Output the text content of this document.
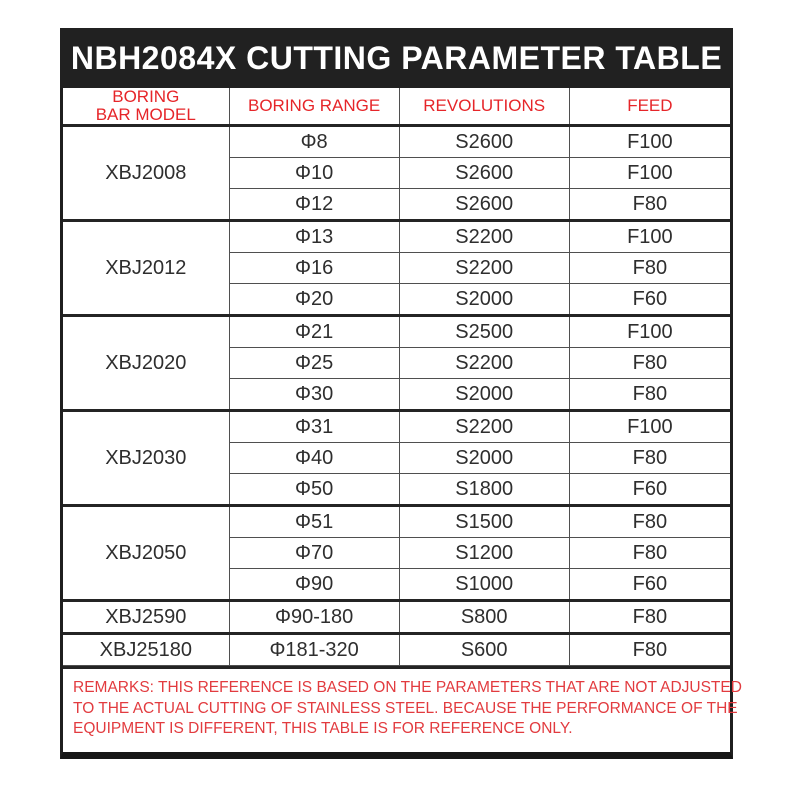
NBH2084X CUTTING PARAMETER TABLE
BORING
BAR MODEL	BORING RANGE	REVOLUTIONS	FEED
XBJ2008	Φ8	S2600	F100
	Φ10	S2600	F100
	Φ12	S2600	F80
XBJ2012	Φ13	S2200	F100
	Φ16	S2200	F80
	Φ20	S2000	F60
XBJ2020	Φ21	S2500	F100
	Φ25	S2200	F80
	Φ30	S2000	F80
XBJ2030	Φ31	S2200	F100
	Φ40	S2000	F80
	Φ50	S1800	F60
XBJ2050	Φ51	S1500	F80
	Φ70	S1200	F80
	Φ90	S1000	F60
XBJ2590	Φ90-180	S800	F80
XBJ25180	Φ181-320	S600	F80
REMARKS: THIS REFERENCE IS BASED ON THE PARAMETERS THAT ARE NOT ADJUSTED
TO THE ACTUAL CUTTING OF STAINLESS STEEL. BECAUSE THE PERFORMANCE OF THE
EQUIPMENT IS DIFFERENT, THIS TABLE IS FOR REFERENCE ONLY.
